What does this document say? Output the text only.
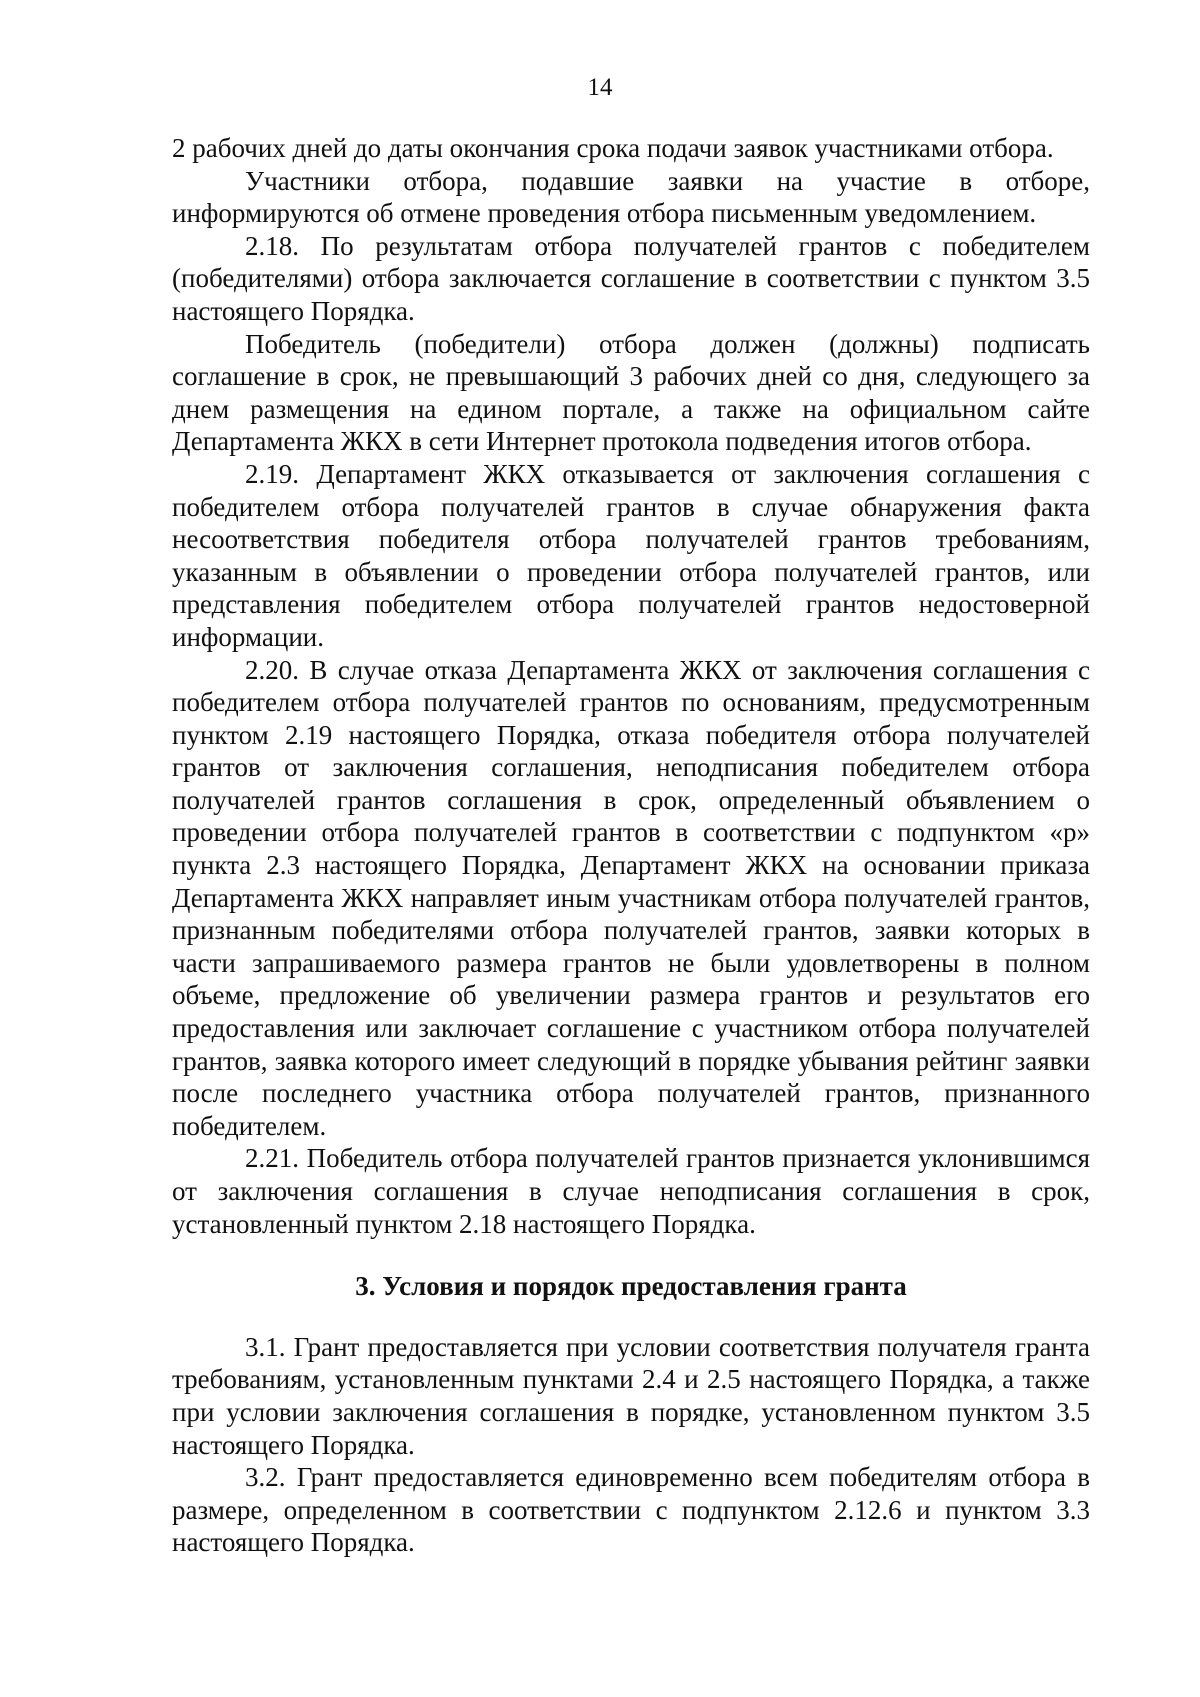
14

2 рабочих дней до даты окончания срока подачи заявок участниками отбора.

Участники отбора, подавшие заявки на участие в отборе, информируются об отмене проведения отбора письменным уведомлением.

2.18. По результатам отбора получателей грантов с победителем (победителями) отбора заключается соглашение в соответствии с пунктом 3.5 настоящего Порядка.

Победитель (победители) отбора должен (должны) подписать соглашение в срок, не превышающий 3 рабочих дней со дня, следующего за днем размещения на едином портале, а также на официальном сайте Департамента ЖКХ в сети Интернет протокола подведения итогов отбора.

2.19. Департамент ЖКХ отказывается от заключения соглашения с победителем отбора получателей грантов в случае обнаружения факта несоответствия победителя отбора получателей грантов требованиям, указанным в объявлении о проведении отбора получателей грантов, или представления победителем отбора получателей грантов недостоверной информации.

2.20. В случае отказа Департамента ЖКХ от заключения соглашения с победителем отбора получателей грантов по основаниям, предусмотренным пунктом 2.19 настоящего Порядка, отказа победителя отбора получателей грантов от заключения соглашения, неподписания победителем отбора получателей грантов соглашения в срок, определенный объявлением о проведении отбора получателей грантов в соответствии с подпунктом «р» пункта 2.3 настоящего Порядка, Департамент ЖКХ на основании приказа Департамента ЖКХ направляет иным участникам отбора получателей грантов, признанным победителями отбора получателей грантов, заявки которых в части запрашиваемого размера грантов не были удовлетворены в полном объеме, предложение об увеличении размера грантов и результатов его предоставления или заключает соглашение с участником отбора получателей грантов, заявка которого имеет следующий в порядке убывания рейтинг заявки после последнего участника отбора получателей грантов, признанного победителем.

2.21. Победитель отбора получателей грантов признается уклонившимся от заключения соглашения в случае неподписания соглашения в срок, установленный пунктом 2.18 настоящего Порядка.

3. Условия и порядок предоставления гранта

3.1. Грант предоставляется при условии соответствия получателя гранта требованиям, установленным пунктами 2.4 и 2.5 настоящего Порядка, а также при условии заключения соглашения в порядке, установленном пунктом 3.5 настоящего Порядка.

3.2. Грант предоставляется единовременно всем победителям отбора в размере, определенном в соответствии с подпунктом 2.12.6 и пунктом 3.3 настоящего Порядка.
